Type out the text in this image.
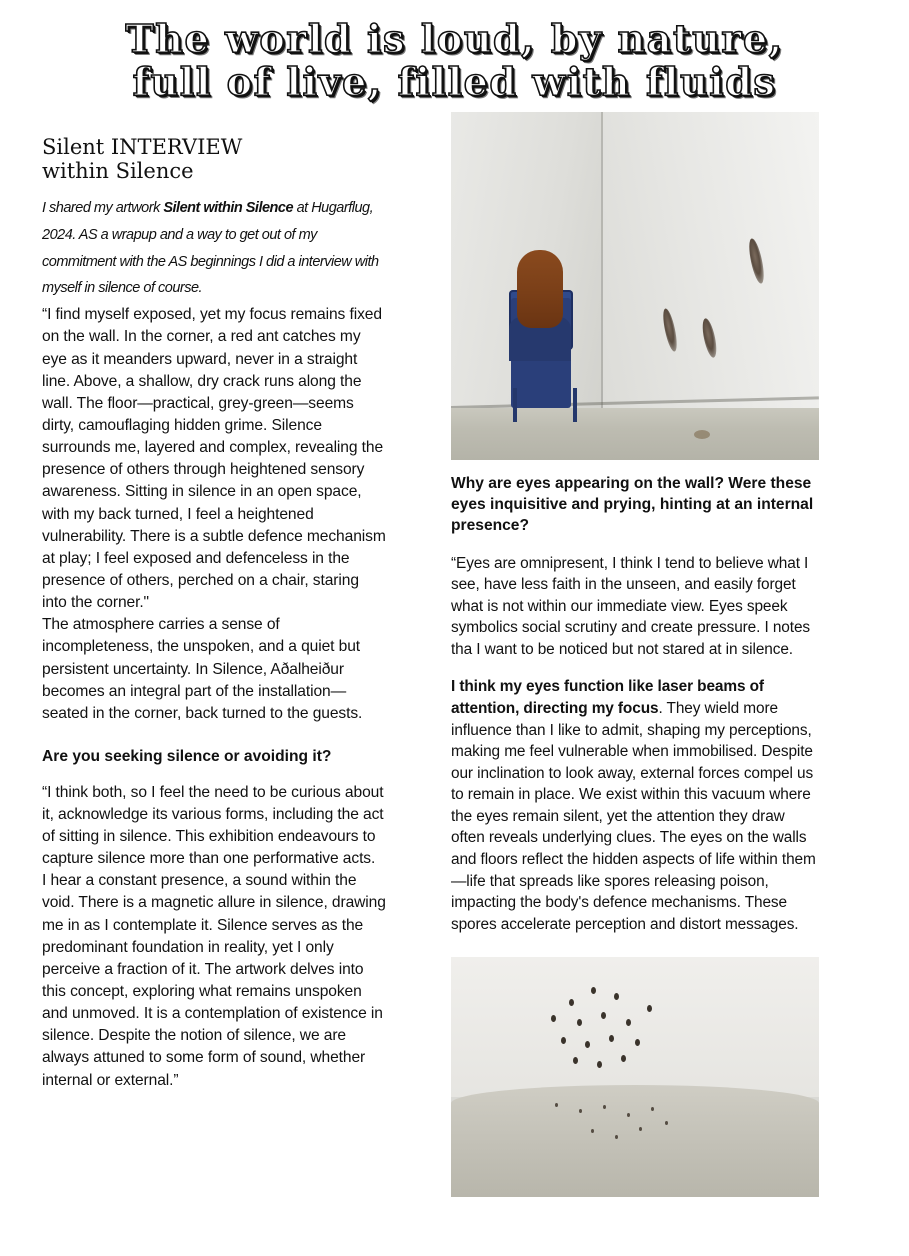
The world is loud, by nature,
full of live, filled with fluids
Silent INTERVIEW
within Silence

I shared my artwork Silent within Silence at Hugarflug, 2024. AS a wrapup and a way to get out of my commitment with the AS beginnings I did a interview with myself in silence of course.

“I find myself exposed, yet my focus remains fixed on the wall. In the corner, a red ant catches my eye as it meanders upward, never in a straight line. Above, a shallow, dry crack runs along the wall. The floor—practical, grey-green—seems dirty, camouflaging hidden grime. Silence surrounds me, layered and complex, revealing the presence of others through heightened sensory awareness. Sitting in silence in an open space, with my back turned, I feel a heightened vulnerability. There is a subtle defence mechanism at play; I feel exposed and defenceless in the presence of others, perched on a chair, staring into the corner."

The atmosphere carries a sense of incompleteness, the unspoken, and a quiet but persistent uncertainty. In Silence, Aðalheiður becomes an integral part of the installation—seated in the corner, back turned to the guests.

Are you seeking silence or avoiding it?

“I think both, so I feel the need to be curious about it, acknowledge its various forms, including the act of sitting in silence. This exhibition endeavours to capture silence more than one performative acts.

I hear a constant presence, a sound within the void. There is a magnetic allure in silence, drawing me in as I contemplate it. Silence serves as the predominant foundation in reality, yet I only perceive a fraction of it. The artwork delves into this concept, exploring what remains unspoken and unmoved. It is a contemplation of existence in silence. Despite the notion of silence, we are always attuned to some form of sound, whether internal or external.”

Why are eyes appearing on the wall? Were these eyes inquisitive and prying, hinting at an internal presence?

“Eyes are omnipresent, I think I tend to believe what I see, have less faith in the unseen, and easily forget what is not within our immediate view. Eyes speek symbolics social scrutiny and create pressure. I notes tha I want to be noticed but not stared at in silence.

I think my eyes function like laser beams of attention, directing my focus. They wield more influence than I like to admit, shaping my perceptions, making me feel vulnerable when immobilised. Despite our inclination to look away, external forces compel us to remain in place. We exist within this vacuum where the eyes remain silent, yet the attention they draw often reveals underlying clues. The eyes on the walls and floors reflect the hidden aspects of life within them—life that spreads like spores releasing poison, impacting the body's defence mechanisms. These spores accelerate perception and distort messages.
